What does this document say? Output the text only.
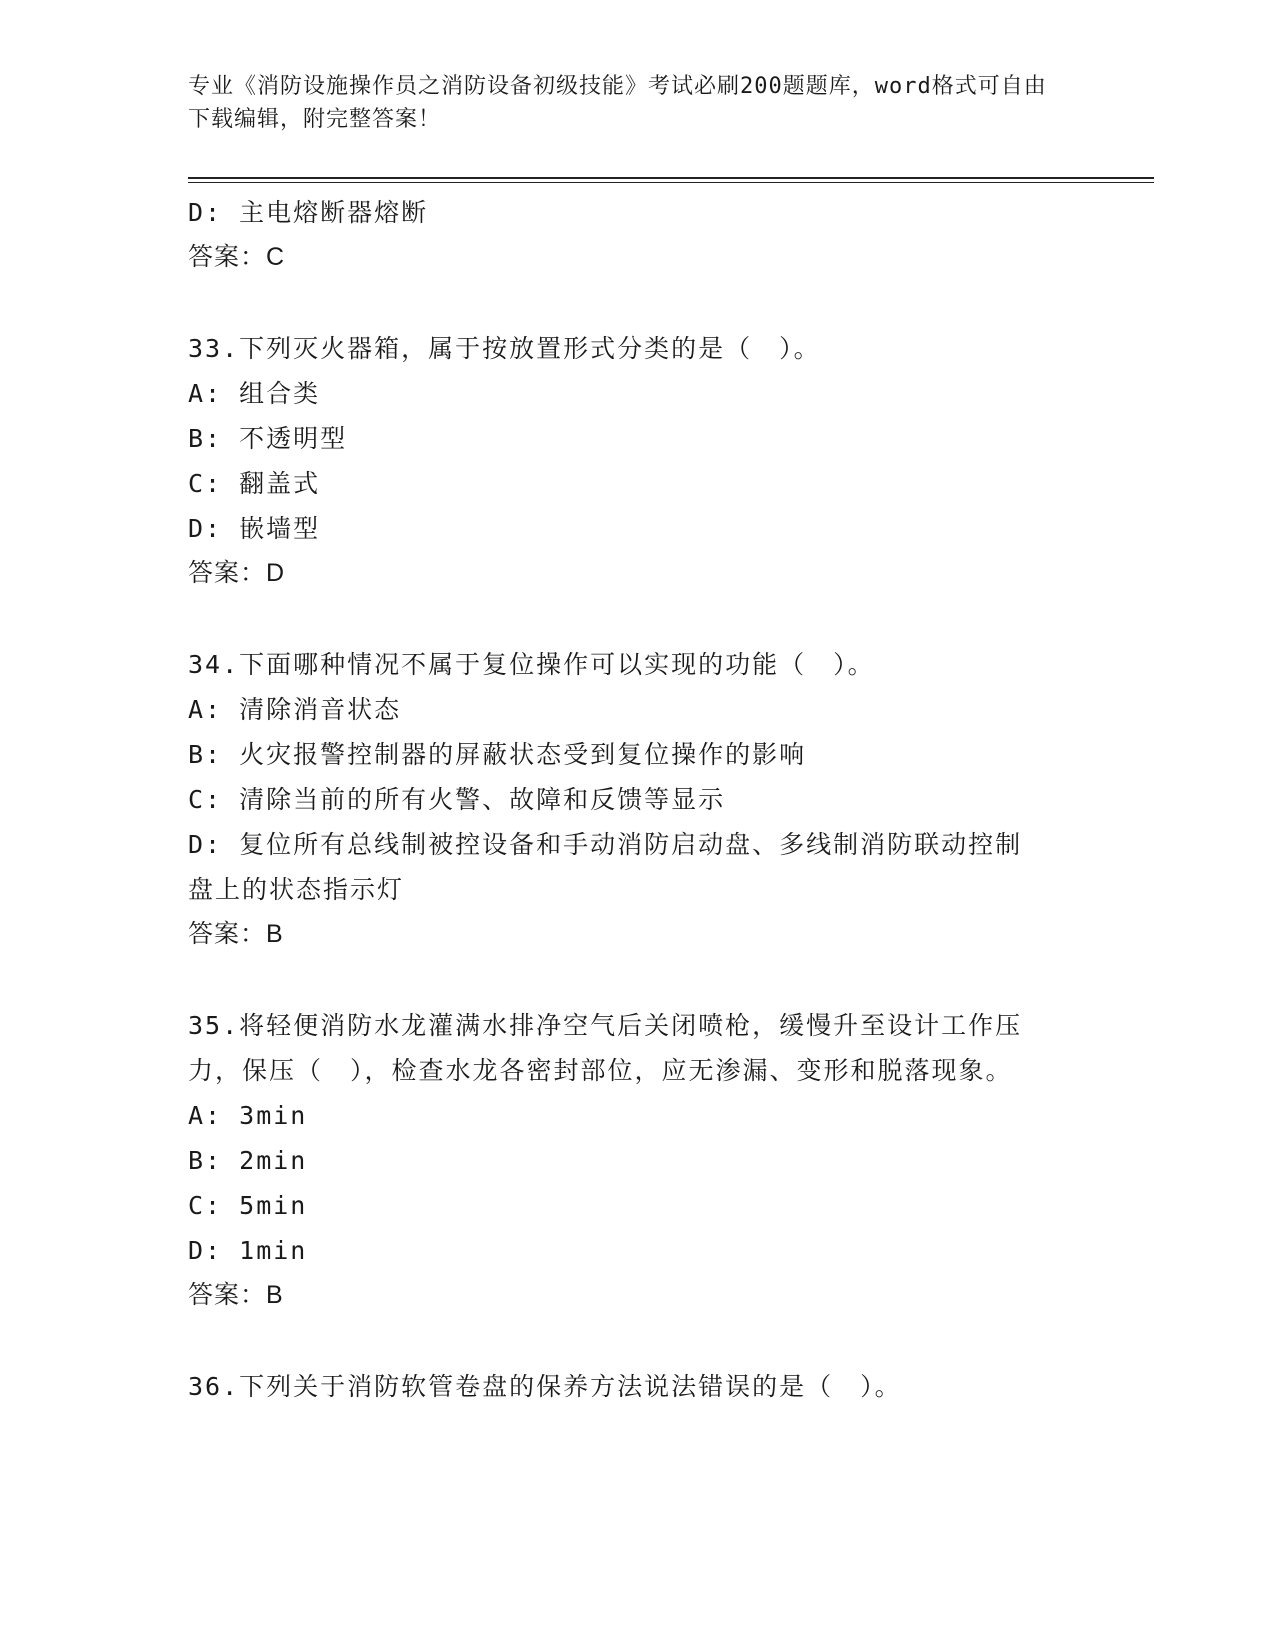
专业《消防设施操作员之消防设备初级技能》考试必刷200题题库，word格式可自由下载编辑，附完整答案！
D: 主电熔断器熔断
答案：C
33.下列灭火器箱，属于按放置形式分类的是（　）。
A: 组合类
B: 不透明型
C: 翻盖式
D: 嵌墙型
答案：D
34.下面哪种情况不属于复位操作可以实现的功能（　）。
A: 清除消音状态
B: 火灾报警控制器的屏蔽状态受到复位操作的影响
C: 清除当前的所有火警、故障和反馈等显示
D: 复位所有总线制被控设备和手动消防启动盘、多线制消防联动控制盘上的状态指示灯
答案：B
35.将轻便消防水龙灌满水排净空气后关闭喷枪，缓慢升至设计工作压力，保压（　），检查水龙各密封部位，应无渗漏、变形和脱落现象。
A: 3min
B: 2min
C: 5min
D: 1min
答案：B
36.下列关于消防软管卷盘的保养方法说法错误的是（　）。
